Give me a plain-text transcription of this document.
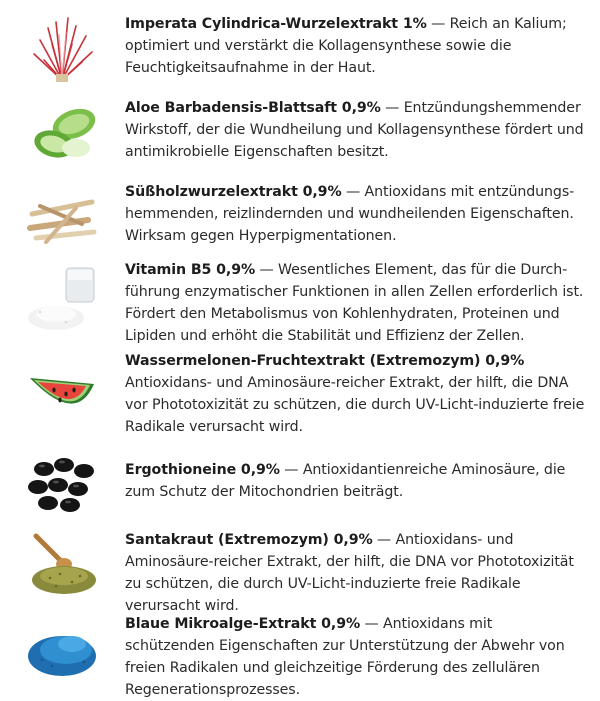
Imperata Cylindrica-Wurzelextrakt 1% — Reich an Kalium; optimiert und verstärkt die Kollagensynthese sowie die Feuchtigkeitsaufnahme in der Haut.
Aloe Barbadensis-Blattsaft 0,9% — Entzündungshemmender Wirkstoff, der die Wundheilung und Kollagensynthese fördert und antimikrobielle Eigenschaften besitzt.
Süßholzwurzelextrakt 0,9% — Antioxidans mit entzündungs-hemmenden, reizlindernden und wundheilenden Eigenschaften. Wirksam gegen Hyperpigmentationen.
Vitamin B5 0,9% — Wesentliches Element, das für die Durch-führung enzymatischer Funktionen in allen Zellen erforderlich ist. Fördert den Metabolismus von Kohlenhydraten, Proteinen und Lipiden und erhöht die Stabilität und Effizienz der Zellen.
Wassermelonen-Fruchtextrakt (Extremozym) 0,9%
Antioxidans- und Aminosäure-reicher Extrakt, der hilft, die DNA vor Phototoxizität zu schützen, die durch UV-Licht-induzierte freie Radikale verursacht wird.
Ergothioneine 0,9% — Antioxidantienreiche Aminosäure, die zum Schutz der Mitochondrien beiträgt.
Santakraut (Extremozym) 0,9% — Antioxidans- und Aminosäure-reicher Extrakt, der hilft, die DNA vor Phototoxizität zu schützen, die durch UV-Licht-induzierte freie Radikale verursacht wird.
Blaue Mikroalge-Extrakt 0,9% — Antioxidans mit schützenden Eigenschaften zur Unterstützung der Abwehr von freien Radikalen und gleichzeitige Förderung des zellulären Regenerationsprozesses.
